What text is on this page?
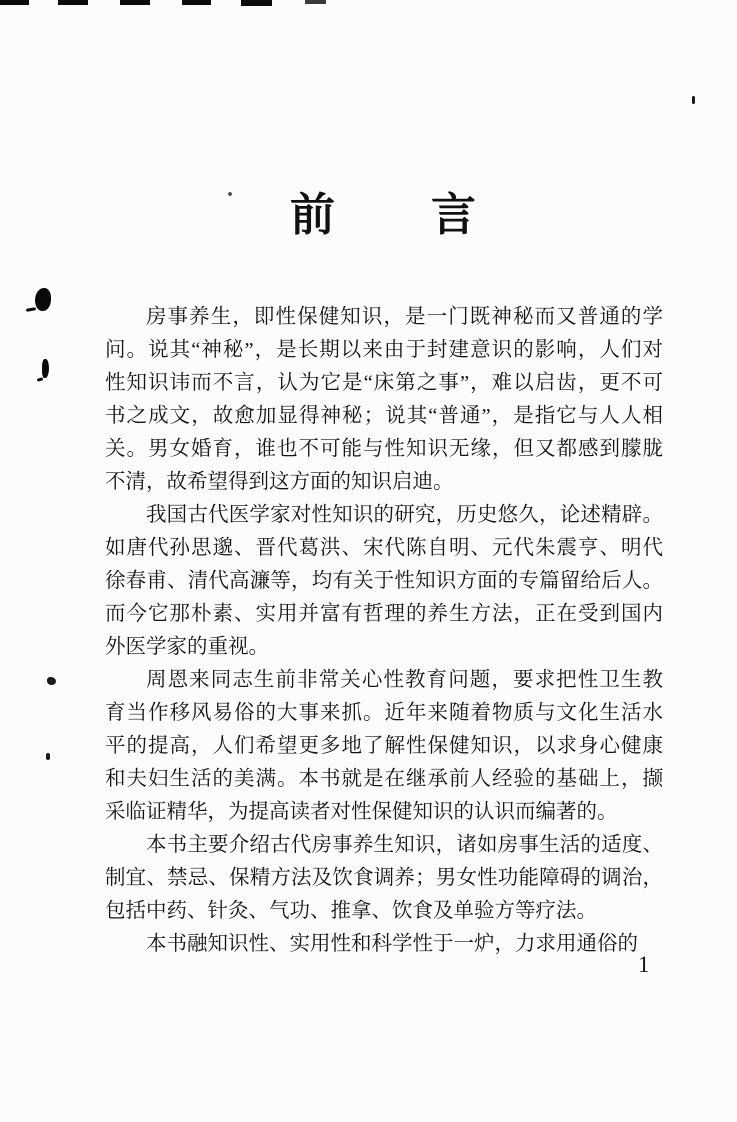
前　　言
房事养生，即性保健知识，是一门既神秘而又普通的学
问。说其“神秘”，是长期以来由于封建意识的影响，人们对
性知识讳而不言，认为它是“床第之事”，难以启齿，更不可
书之成文，故愈加显得神秘；说其“普通”，是指它与人人相
关。男女婚育，谁也不可能与性知识无缘，但又都感到朦胧
不清，故希望得到这方面的知识启迪。
我国古代医学家对性知识的研究，历史悠久，论述精辟。
如唐代孙思邈、晋代葛洪、宋代陈自明、元代朱震亨、明代
徐春甫、清代高濂等，均有关于性知识方面的专篇留给后人。
而今它那朴素、实用并富有哲理的养生方法，正在受到国内
外医学家的重视。
周恩来同志生前非常关心性教育问题，要求把性卫生教
育当作移风易俗的大事来抓。近年来随着物质与文化生活水
平的提高，人们希望更多地了解性保健知识，以求身心健康
和夫妇生活的美满。本书就是在继承前人经验的基础上，撷
采临证精华，为提高读者对性保健知识的认识而编著的。
本书主要介绍古代房事养生知识，诸如房事生活的适度、
制宜、禁忌、保精方法及饮食调养；男女性功能障碍的调治，
包括中药、针灸、气功、推拿、饮食及单验方等疗法。
本书融知识性、实用性和科学性于一炉，力求用通俗的
1
